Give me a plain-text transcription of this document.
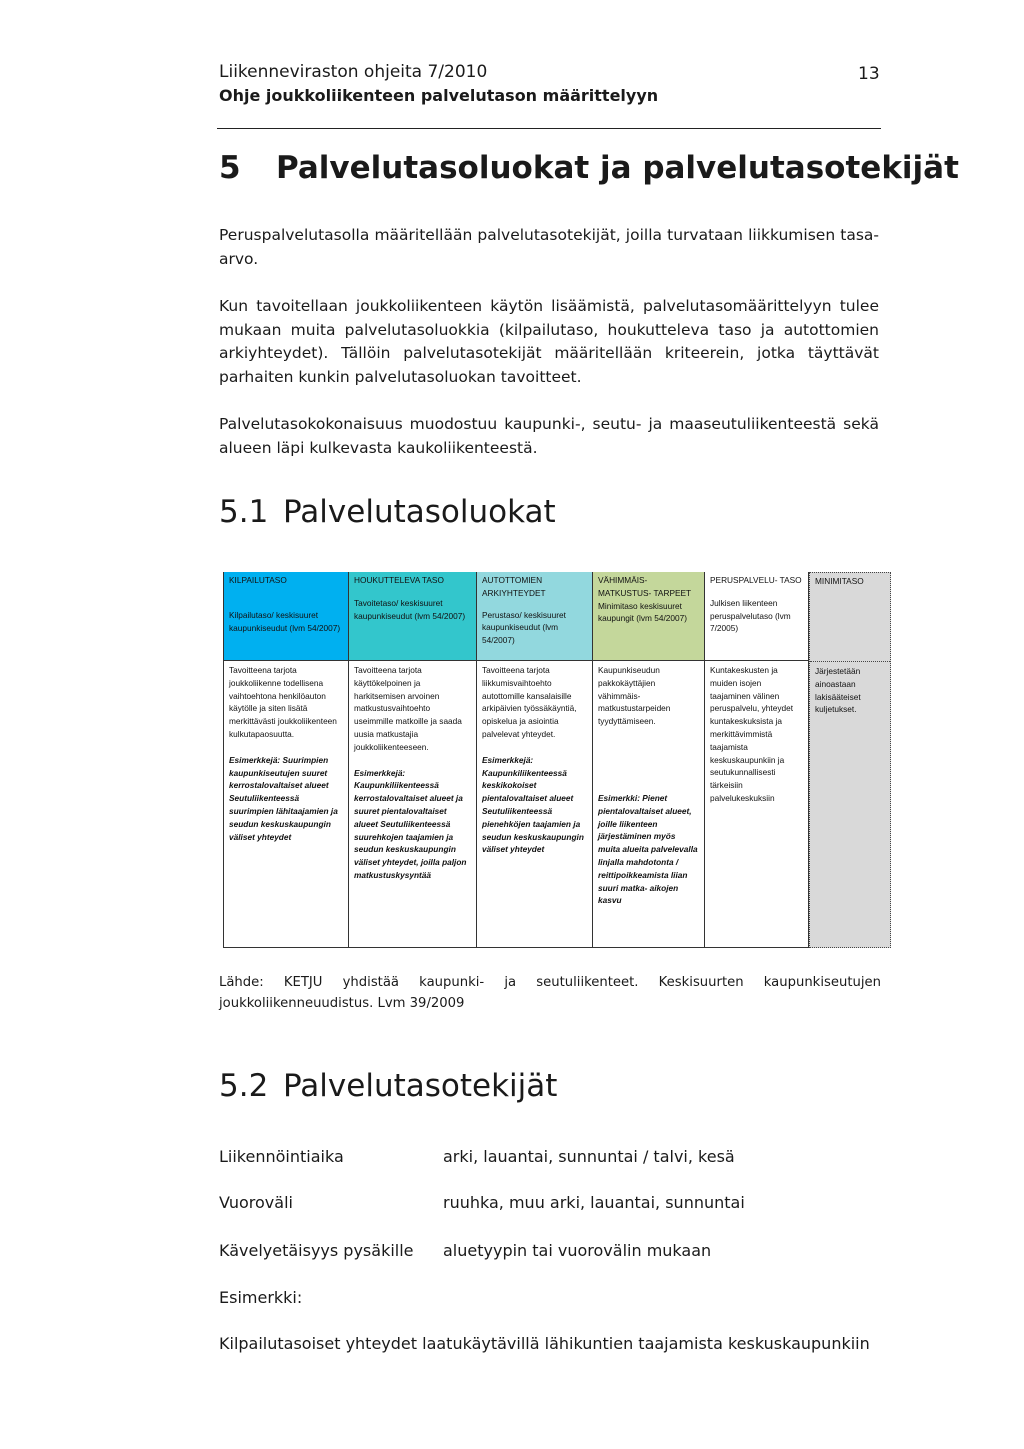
Liikenneviraston ohjeita 7/2010
Ohje joukkoliikenteen palvelutason määrittelyyn
13
5 Palvelutasoluokat ja palvelutasotekijät
Peruspalvelutasolla määritellään palvelutasotekijät, joilla turvataan liikkumisen tasa-arvo.
Kun tavoitellaan joukkoliikenteen käytön lisäämistä, palvelutasomäärittelyyn tulee mukaan muita palvelutasoluokkia (kilpailutaso, houkutteleva taso ja autottomien arkiyhteydet). Tällöin palvelutasotekijät määritellään kriteerein, jotka täyttävät parhaiten kunkin palvelutasoluokan tavoitteet.
Palvelutasokokonaisuus muodostuu kaupunki-, seutu- ja maaseutuliikenteestä sekä alueen läpi kulkevasta kaukoliikenteestä.
5.1 Palvelutasoluokat
KILPAILUTASO
Kilpailutaso/ keskisuuret kaupunkiseudut (lvm 54/2007)
Tavoitteena tarjota joukkoliikenne todellisena vaihtoehtona henkilöauton käytölle ja siten lisätä merkittävästi joukkoliikenteen kulkutapaosuutta.
Esimerkkejä: Suurimpien kaupunkiseutujen suuret kerrostalovaltaiset alueet Seutuliikenteessä suurimpien lähitaajamien ja seudun keskuskaupungin väliset yhteydet
HOUKUTTELEVA TASO
Tavoitetaso/ keskisuuret kaupunkiseudut (lvm 54/2007)
Tavoitteena tarjota käyttökelpoinen ja harkitsemisen arvoinen matkustusvaihtoehto useimmille matkoille ja saada uusia matkustajia joukkoliikenteeseen.
Esimerkkejä: Kaupunkiliikenteessä kerrostalovaltaiset alueet ja suuret pientalovaltaiset alueet Seutuliikenteessä suurehkojen taajamien ja seudun keskuskaupungin väliset yhteydet, joilla paljon matkustuskysyntää
AUTOTTOMIEN ARKIYHTEYDET
Perustaso/ keskisuuret kaupunkiseudut (lvm 54/2007)
Tavoitteena tarjota liikkumisvaihtoehto autottomille kansalaisille arkipäivien työssäkäyntiä, opiskelua ja asiointia palvelevat yhteydet.
Esimerkkejä: Kaupunkiliikenteessä keskikokoiset pientalovaltaiset alueet Seutuliikenteessä pienehköjen taajamien ja seudun keskuskaupungin väliset yhteydet
VÄHIMMÄIS- MATKUSTUS- TARPEET
Minimitaso keskisuuret kaupungit (lvm 54/2007)
Kaupunkiseudun pakkokäyttäjien vähimmäis- matkustustarpeiden tyydyttämiseen.
Esimerkki: Pienet pientalovaltaiset alueet, joille liikenteen järjestäminen myös muita alueita palvelevalla linjalla mahdotonta / reittipoikkeamista liian suuri matka- aikojen kasvu
PERUSPALVELU- TASO
Julkisen liikenteen peruspalvelutaso (lvm 7/2005)
Kuntakeskusten ja muiden isojen taajaminen välinen peruspalvelu, yhteydet kuntakeskuksista ja merkittävimmistä taajamista keskuskaupunkiin ja seutukunnallisesti tärkeisiin palvelukeskuksiin
MINIMITASO
Järjestetään ainoastaan lakisääteiset kuljetukset.
Lähde: KETJU yhdistää kaupunki- ja seutuliikenteet. Keskisuurten kaupunkiseutujen joukkoliikenneuudistus. Lvm 39/2009
5.2 Palvelutasotekijät
Liikennöintiaika	arki, lauantai, sunnuntai / talvi, kesä
Vuoroväli	ruuhka, muu arki, lauantai, sunnuntai
Kävelyetäisyys pysäkille aluetyypin tai vuorovälin mukaan
Esimerkki:
Kilpailutasoiset yhteydet laatukäytävillä lähikuntien taajamista keskuskaupunkiin
